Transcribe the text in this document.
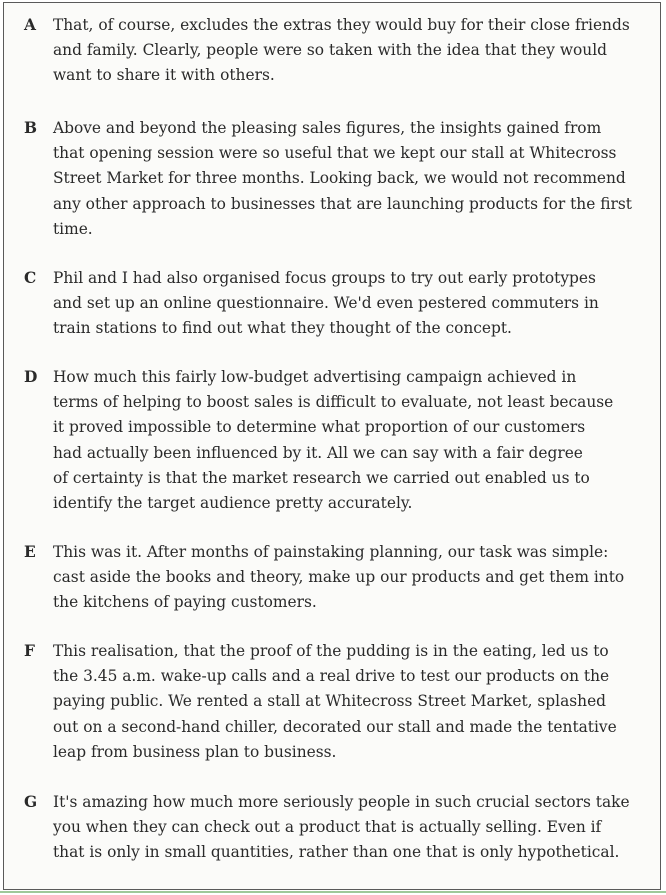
A	That, of course, excludes the extras they would buy for their close friends
and family. Clearly, people were so taken with the idea that they would
want to share it with others.
B	Above and beyond the pleasing sales figures, the insights gained from
that opening session were so useful that we kept our stall at Whitecross
Street Market for three months. Looking back, we would not recommend
any other approach to businesses that are launching products for the first
time.
C	Phil and I had also organised focus groups to try out early prototypes
and set up an online questionnaire. We'd even pestered commuters in
train stations to find out what they thought of the concept.
D	How much this fairly low-budget advertising campaign achieved in
terms of helping to boost sales is difficult to evaluate, not least because
it proved impossible to determine what proportion of our customers
had actually been influenced by it. All we can say with a fair degree
of certainty is that the market research we carried out enabled us to
identify the target audience pretty accurately.
E	This was it. After months of painstaking planning, our task was simple:
cast aside the books and theory, make up our products and get them into
the kitchens of paying customers.
F	This realisation, that the proof of the pudding is in the eating, led us to
the 3.45 a.m. wake-up calls and a real drive to test our products on the
paying public. We rented a stall at Whitecross Street Market, splashed
out on a second-hand chiller, decorated our stall and made the tentative
leap from business plan to business.
G	It's amazing how much more seriously people in such crucial sectors take
you when they can check out a product that is actually selling. Even if
that is only in small quantities, rather than one that is only hypothetical.
